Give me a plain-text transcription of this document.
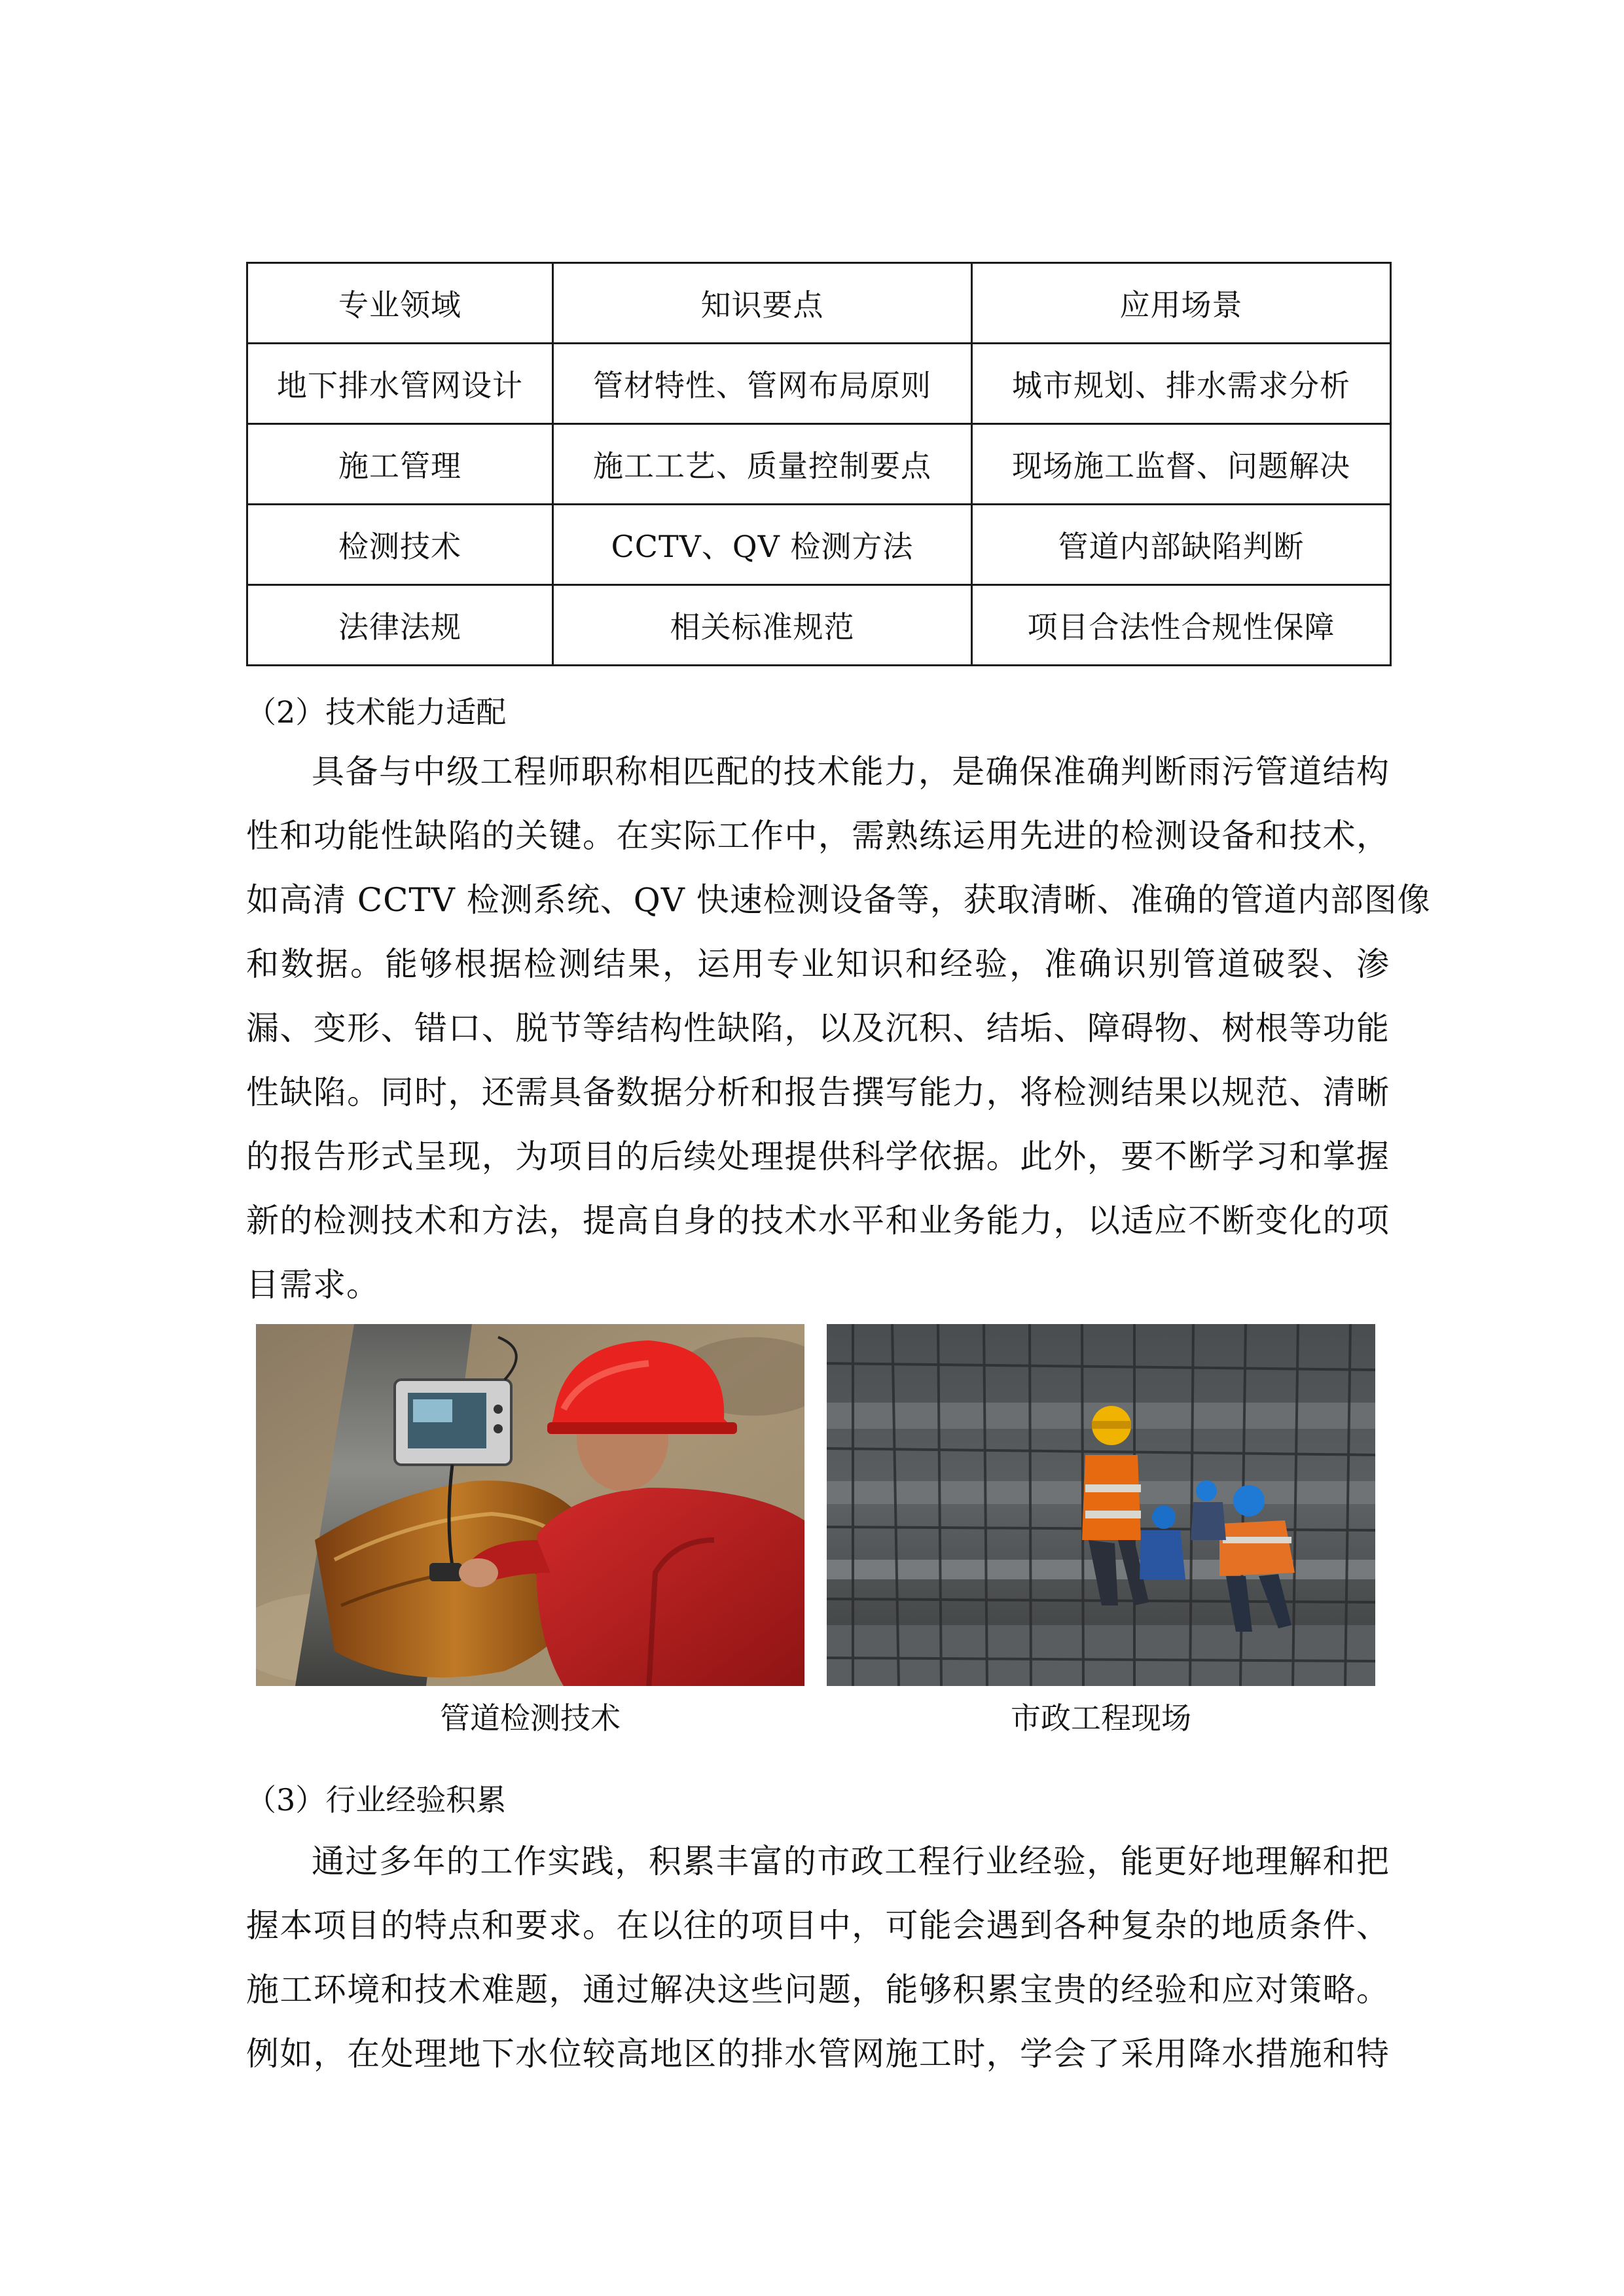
专业领域	知识要点	应用场景
地下排水管网设计	管材特性、管网布局原则	城市规划、排水需求分析
施工管理	施工工艺、质量控制要点	现场施工监督、问题解决
检测技术	CCTV、QV 检测方法	管道内部缺陷判断
法律法规	相关标准规范	项目合法性合规性保障
（2）技术能力适配
具备与中级工程师职称相匹配的技术能力，是确保准确判断雨污管道结构
性和功能性缺陷的关键。在实际工作中，需熟练运用先进的检测设备和技术，
如高清 CCTV 检测系统、QV 快速检测设备等，获取清晰、准确的管道内部图像
和数据。能够根据检测结果，运用专业知识和经验，准确识别管道破裂、渗
漏、变形、错口、脱节等结构性缺陷，以及沉积、结垢、障碍物、树根等功能
性缺陷。同时，还需具备数据分析和报告撰写能力，将检测结果以规范、清晰
的报告形式呈现，为项目的后续处理提供科学依据。此外，要不断学习和掌握
新的检测技术和方法，提高自身的技术水平和业务能力，以适应不断变化的项
目需求。
管道检测技术	市政工程现场
（3）行业经验积累
通过多年的工作实践，积累丰富的市政工程行业经验，能更好地理解和把
握本项目的特点和要求。在以往的项目中，可能会遇到各种复杂的地质条件、
施工环境和技术难题，通过解决这些问题，能够积累宝贵的经验和应对策略。
例如，在处理地下水位较高地区的排水管网施工时，学会了采用降水措施和特
